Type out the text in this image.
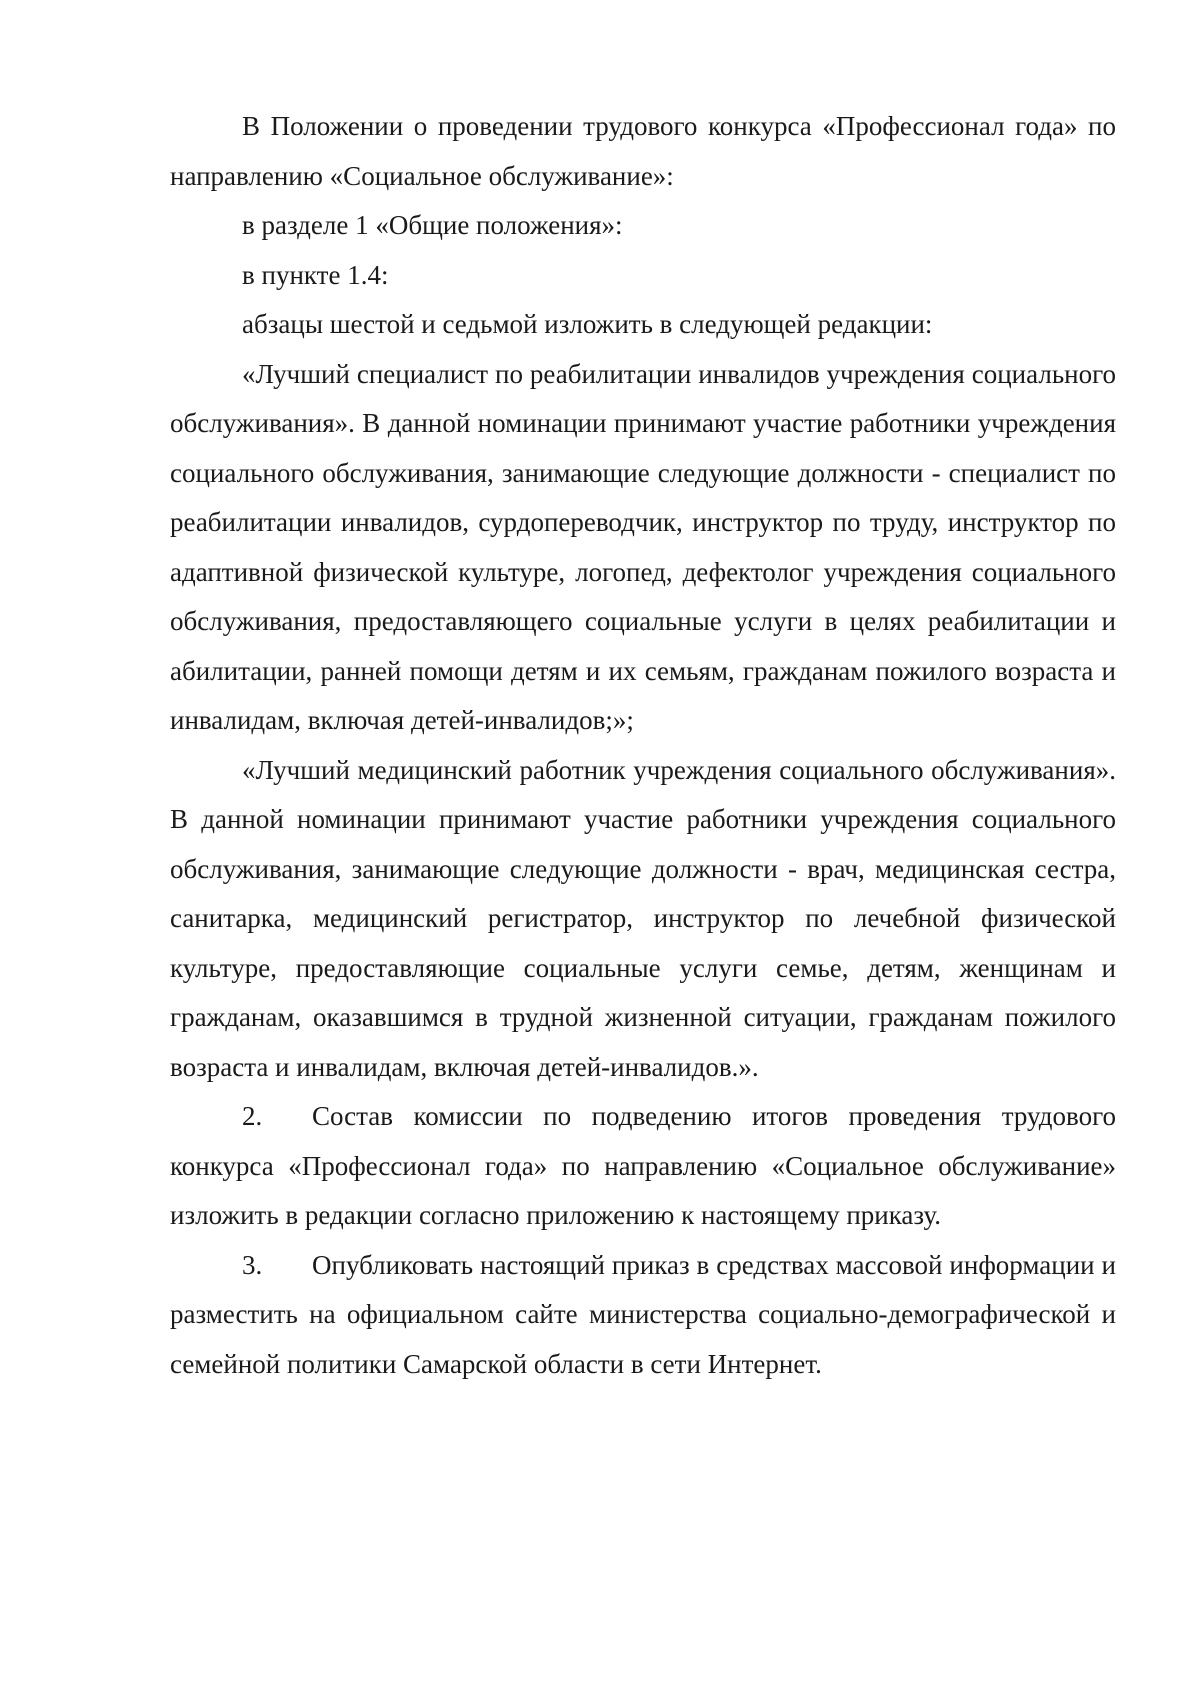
В Положении о проведении трудового конкурса «Профессионал года» по направлению «Социальное обслуживание»:

в разделе 1 «Общие положения»:

в пункте 1.4:

абзацы шестой и седьмой изложить в следующей редакции:

«Лучший специалист по реабилитации инвалидов учреждения социального обслуживания». В данной номинации принимают участие работники учреждения социального обслуживания, занимающие следующие должности - специалист по реабилитации инвалидов, сурдопереводчик, инструктор по труду, инструктор по адаптивной физической культуре, логопед, дефектолог учреждения социального обслуживания, предоставляющего социальные услуги в целях реабилитации и абилитации, ранней помощи детям и их семьям, гражданам пожилого возраста и инвалидам, включая детей-инвалидов;»;

«Лучший медицинский работник учреждения социального обслуживания». В данной номинации принимают участие работники учреждения социального обслуживания, занимающие следующие должности - врач, медицинская сестра, санитарка, медицинский регистратор, инструктор по лечебной физической культуре, предоставляющие социальные услуги семье, детям, женщинам и гражданам, оказавшимся в трудной жизненной ситуации, гражданам пожилого возраста и инвалидам, включая детей-инвалидов.».

2. Состав комиссии по подведению итогов проведения трудового конкурса «Профессионал года» по направлению «Социальное обслуживание» изложить в редакции согласно приложению к настоящему приказу.

3. Опубликовать настоящий приказ в средствах массовой информации и разместить на официальном сайте министерства социально-демографической и семейной политики Самарской области в сети Интернет.
